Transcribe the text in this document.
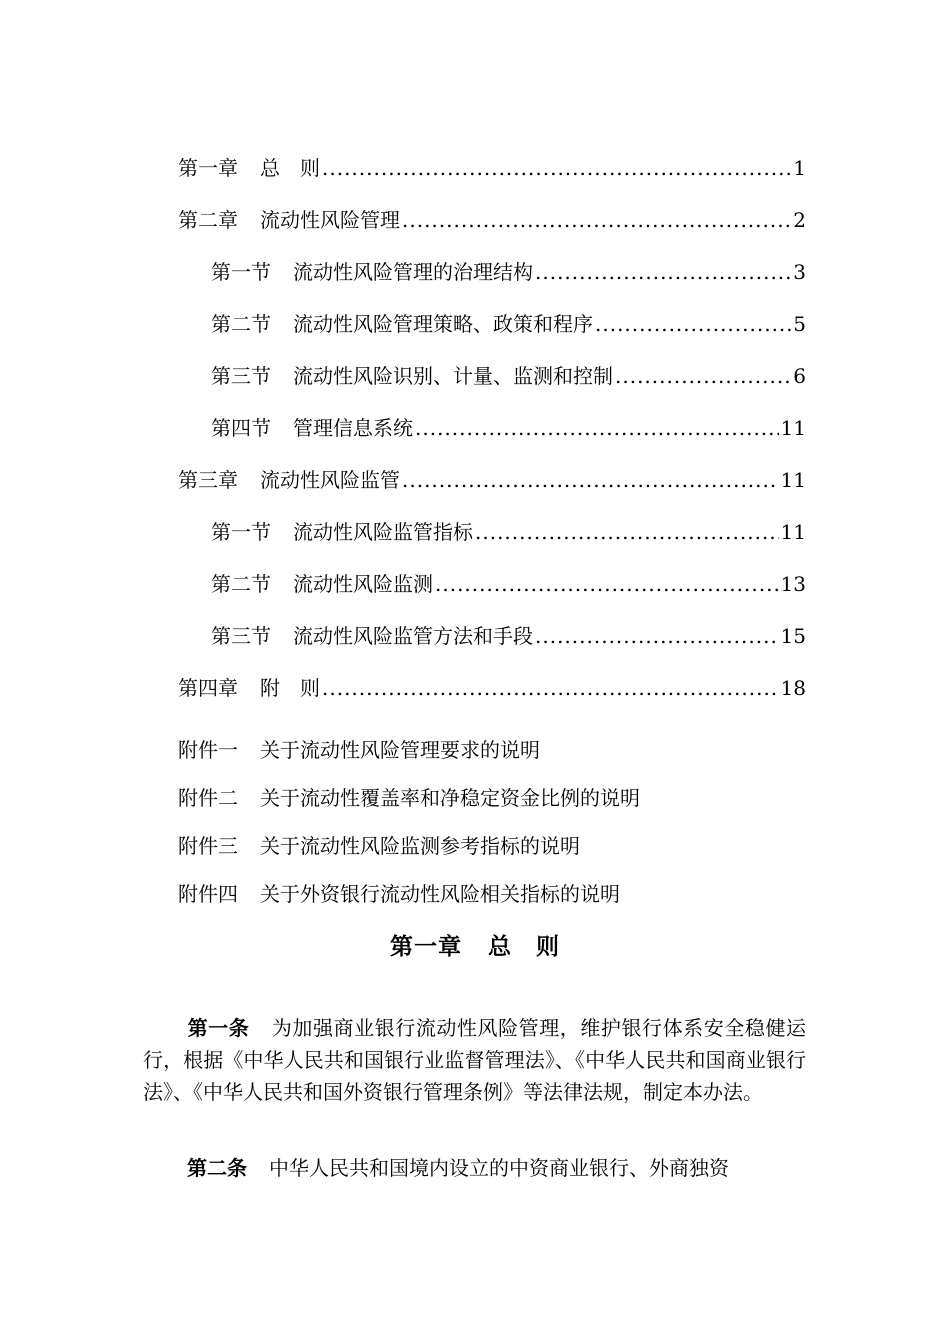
第一章 总　则 .....	1
第二章 流动性风险管理 .....	2
第一节 流动性风险管理的治理结构 .....	3
第二节 流动性风险管理策略、政策和程序 .....	5
第三节 流动性风险识别、计量、监测和控制 .....	6
第四节 管理信息系统 .....	11
第三章 流动性风险监管 .....	11
第一节 流动性风险监管指标 .....	11
第二节 流动性风险监测 .....	13
第三节 流动性风险监管方法和手段 .....	15
第四章 附　则 .....	18
附件一 关于流动性风险管理要求的说明
附件二 关于流动性覆盖率和净稳定资金比例的说明
附件三 关于流动性风险监测参考指标的说明
附件四 关于外资银行流动性风险相关指标的说明
第一章 总　则
第一条 为加强商业银行流动性风险管理，维护银行体系安全稳健运行，根据《中华人民共和国银行业监督管理法》、《中华人民共和国商业银行法》、《中华人民共和国外资银行管理条例》等法律法规，制定本办法。
第二条 中华人民共和国境内设立的中资商业银行、外商独资
